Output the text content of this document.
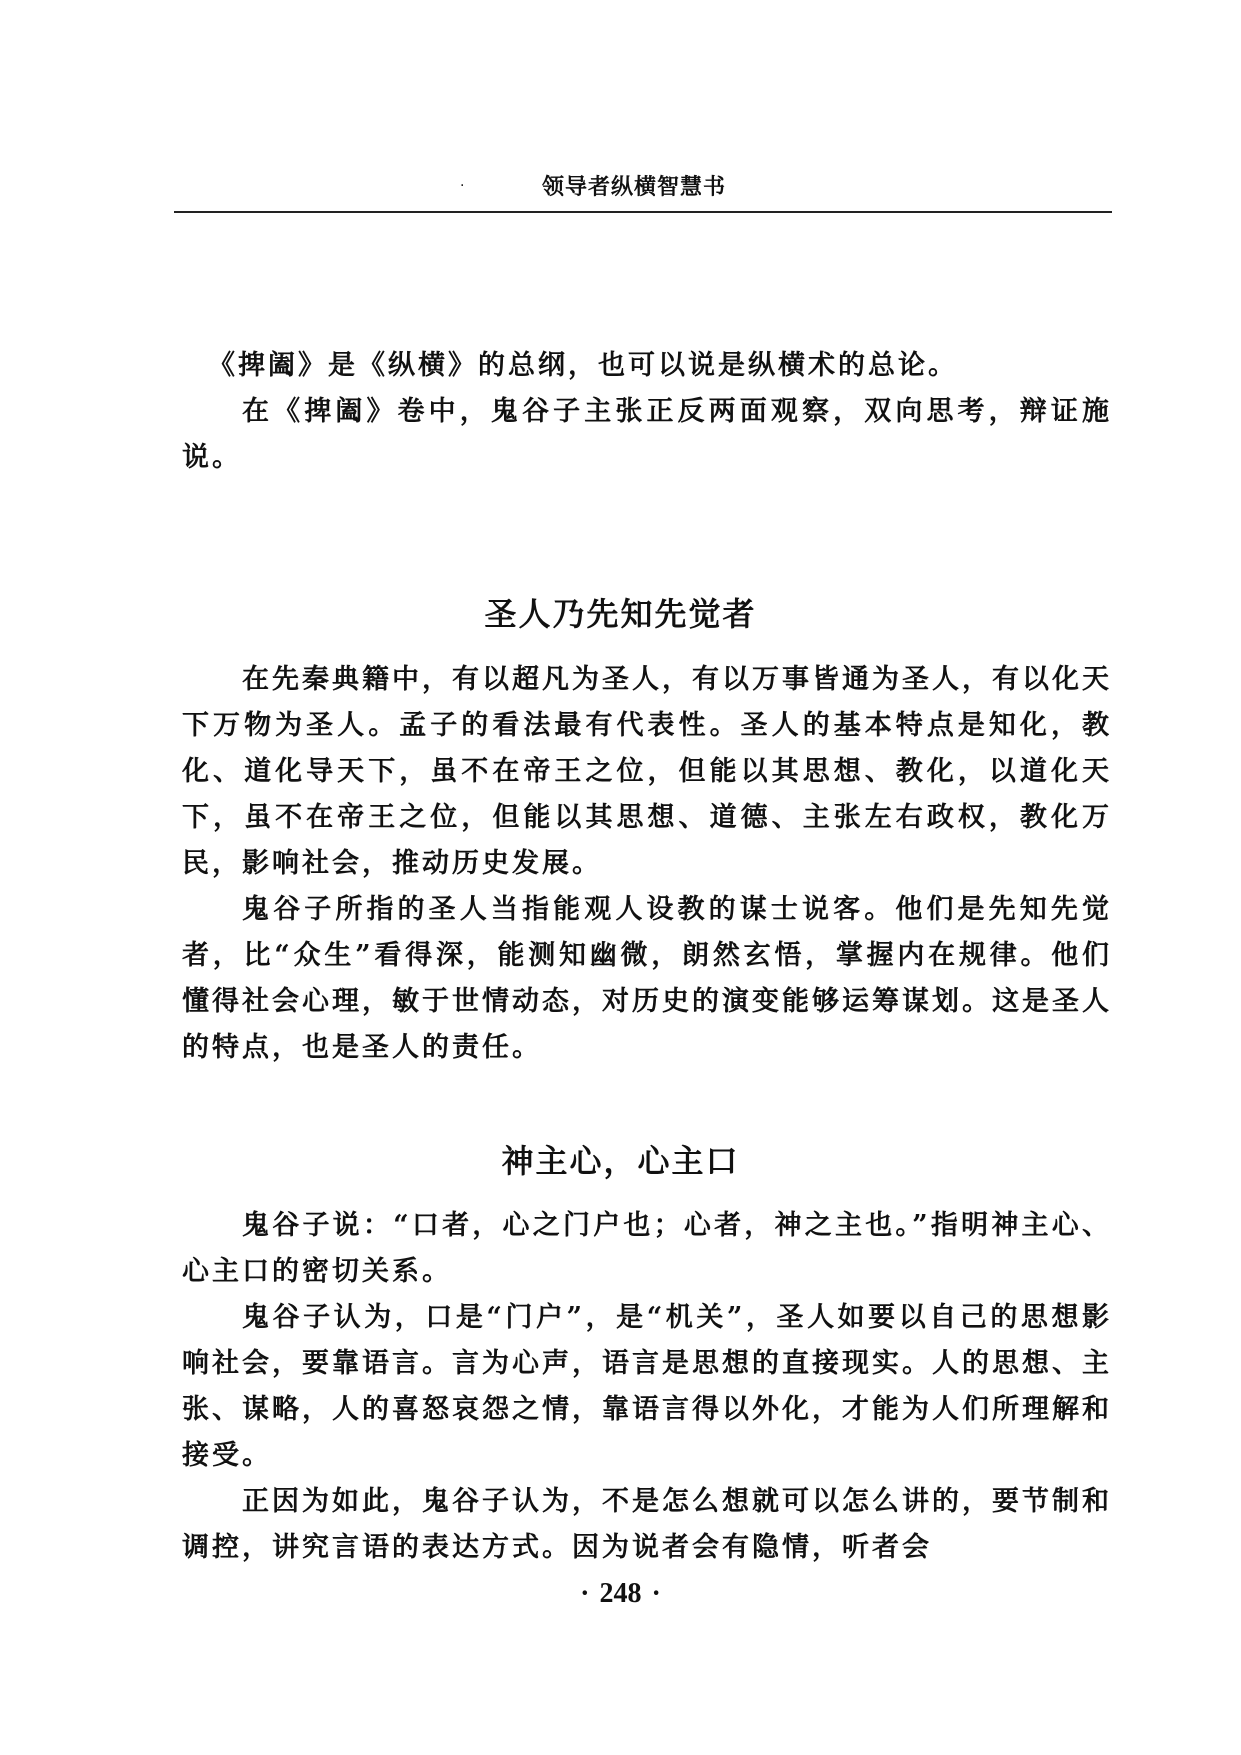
·	领导者纵横智慧书

《捭阖》是《纵横》的总纲，也可以说是纵横术的总论。

在《捭阖》卷中，鬼谷子主张正反两面观察，双向思考，辩证施说。

圣人乃先知先觉者

在先秦典籍中，有以超凡为圣人，有以万事皆通为圣人，有以化天下万物为圣人。孟子的看法最有代表性。圣人的基本特点是知化，教化、道化导天下，虽不在帝王之位，但能以其思想、教化，以道化天下，虽不在帝王之位，但能以其思想、道德、主张左右政权，教化万民，影响社会，推动历史发展。

鬼谷子所指的圣人当指能观人设教的谋士说客。他们是先知先觉者，比“众生”看得深，能测知幽微，朗然玄悟，掌握内在规律。他们懂得社会心理，敏于世情动态，对历史的演变能够运筹谋划。这是圣人的特点，也是圣人的责任。

神主心，心主口

鬼谷子说：“口者，心之门户也；心者，神之主也。”指明神主心、心主口的密切关系。

鬼谷子认为，口是“门户”，是“机关”，圣人如要以自己的思想影响社会，要靠语言。言为心声，语言是思想的直接现实。人的思想、主张、谋略，人的喜怒哀怨之情，靠语言得以外化，才能为人们所理解和接受。

正因为如此，鬼谷子认为，不是怎么想就可以怎么讲的，要节制和调控，讲究言语的表达方式。因为说者会有隐情，听者会

· 248 ·
